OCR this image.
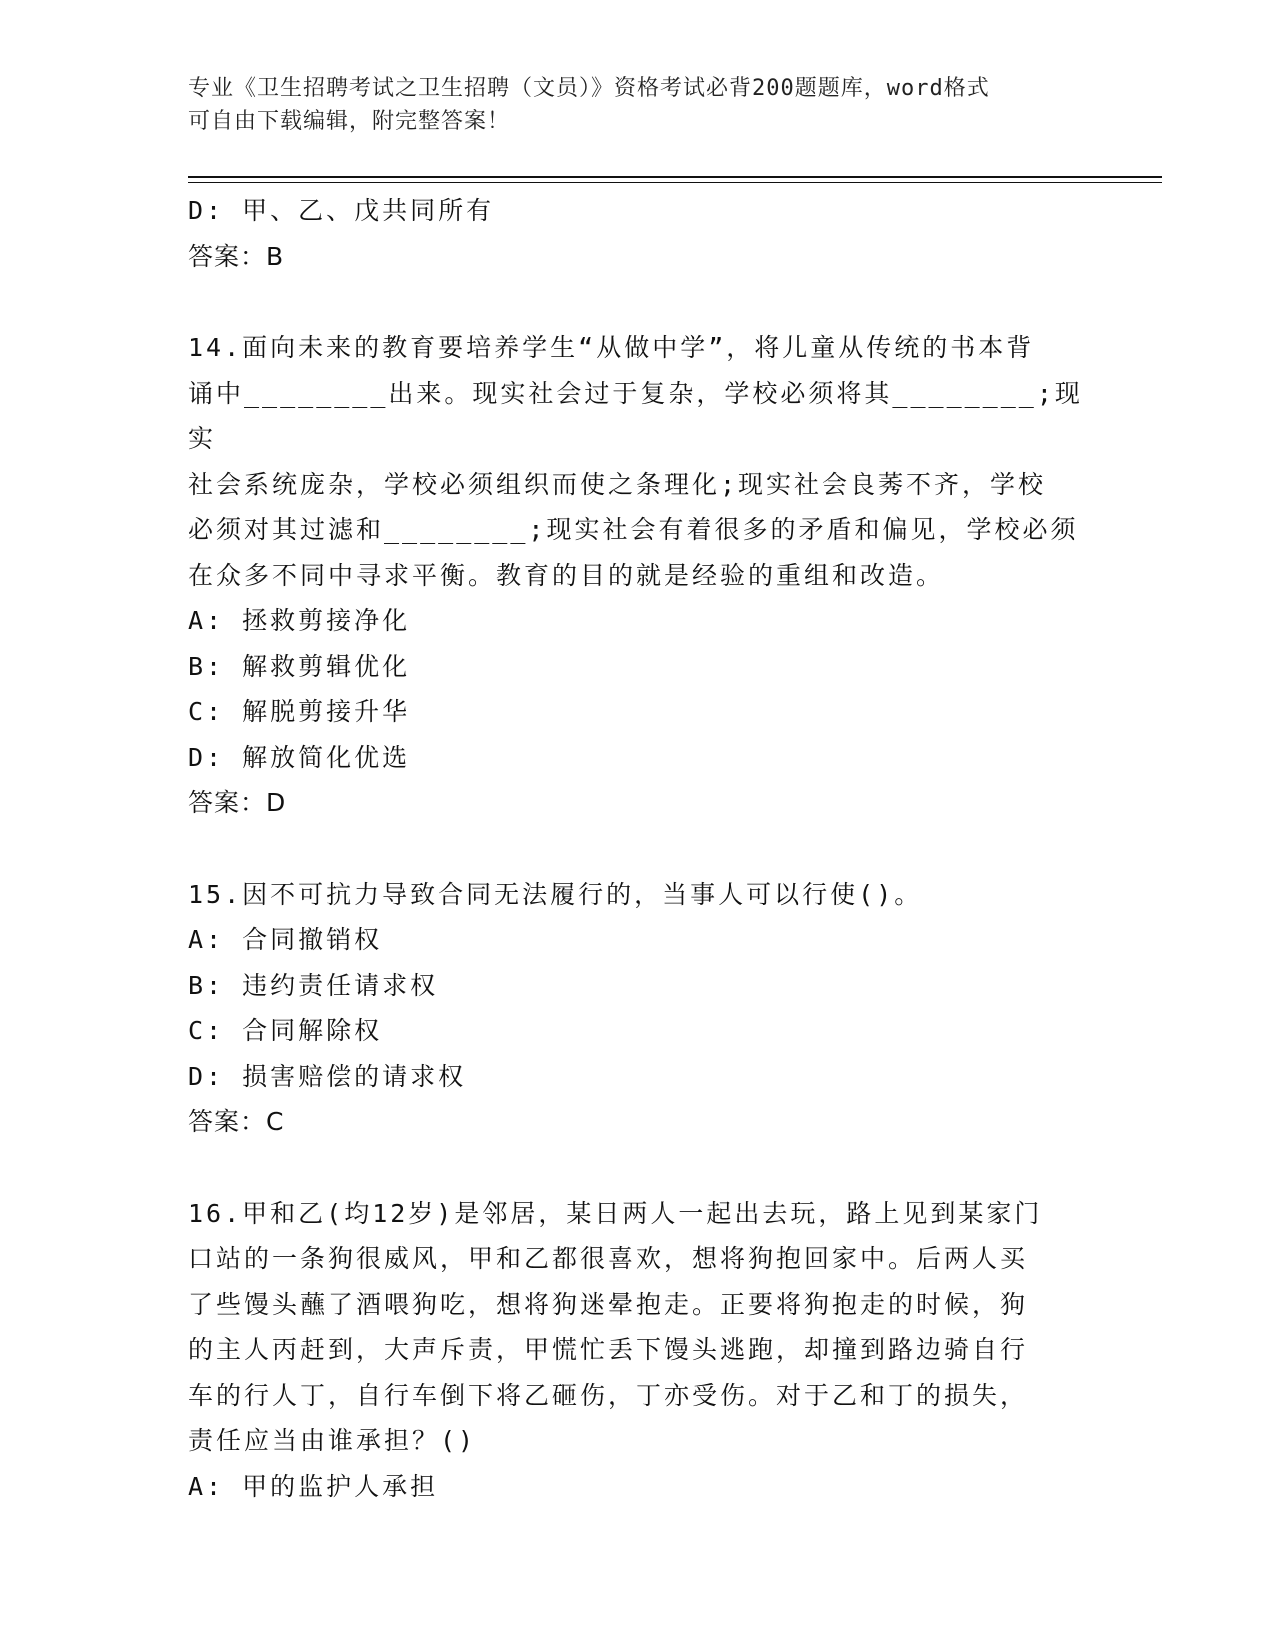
专业《卫生招聘考试之卫生招聘（文员）》资格考试必背200题题库，word格式
可自由下载编辑，附完整答案！
D: 甲、乙、戊共同所有
答案：B
14.面向未来的教育要培养学生“从做中学”，将儿童从传统的书本背
诵中________出来。现实社会过于复杂，学校必须将其________;现实
社会系统庞杂，学校必须组织而使之条理化;现实社会良莠不齐，学校
必须对其过滤和________;现实社会有着很多的矛盾和偏见，学校必须
在众多不同中寻求平衡。教育的目的就是经验的重组和改造。
A: 拯救剪接净化
B: 解救剪辑优化
C: 解脱剪接升华
D: 解放简化优选
答案：D
15.因不可抗力导致合同无法履行的，当事人可以行使()。
A: 合同撤销权
B: 违约责任请求权
C: 合同解除权
D: 损害赔偿的请求权
答案：C
16.甲和乙(均12岁)是邻居，某日两人一起出去玩，路上见到某家门
口站的一条狗很威风，甲和乙都很喜欢，想将狗抱回家中。后两人买
了些馒头蘸了酒喂狗吃，想将狗迷晕抱走。正要将狗抱走的时候，狗
的主人丙赶到，大声斥责，甲慌忙丢下馒头逃跑，却撞到路边骑自行
车的行人丁，自行车倒下将乙砸伤，丁亦受伤。对于乙和丁的损失，
责任应当由谁承担？()
A: 甲的监护人承担
